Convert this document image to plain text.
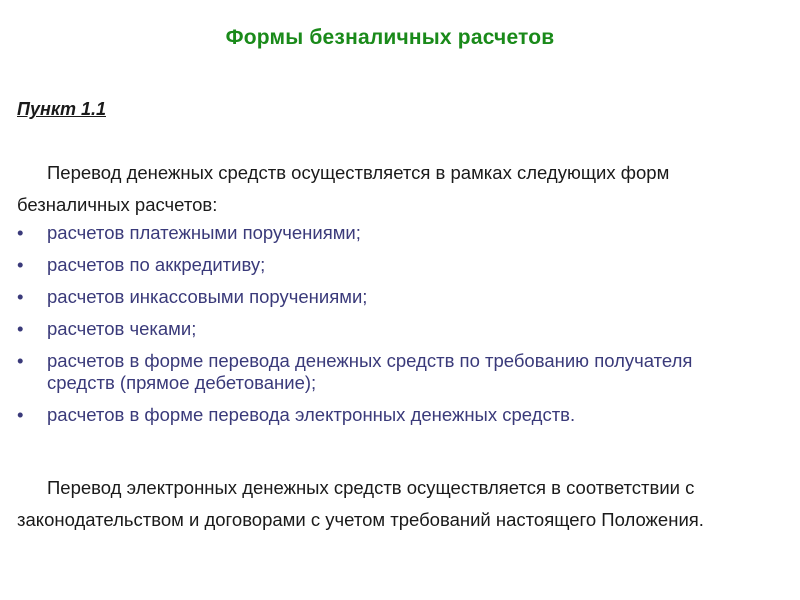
Формы безналичных расчетов
Пункт 1.1

Перевод денежных средств осуществляется в рамках следующих форм безналичных расчетов:

• расчетов платежными поручениями;
• расчетов по аккредитиву;
• расчетов инкассовыми поручениями;
• расчетов чеками;
• расчетов в форме перевода денежных средств по требованию получателя средств (прямое дебетование);
• расчетов в форме перевода электронных денежных средств.

Перевод электронных денежных средств осуществляется в соответствии с законодательством и договорами с учетом требований настоящего Положения.
